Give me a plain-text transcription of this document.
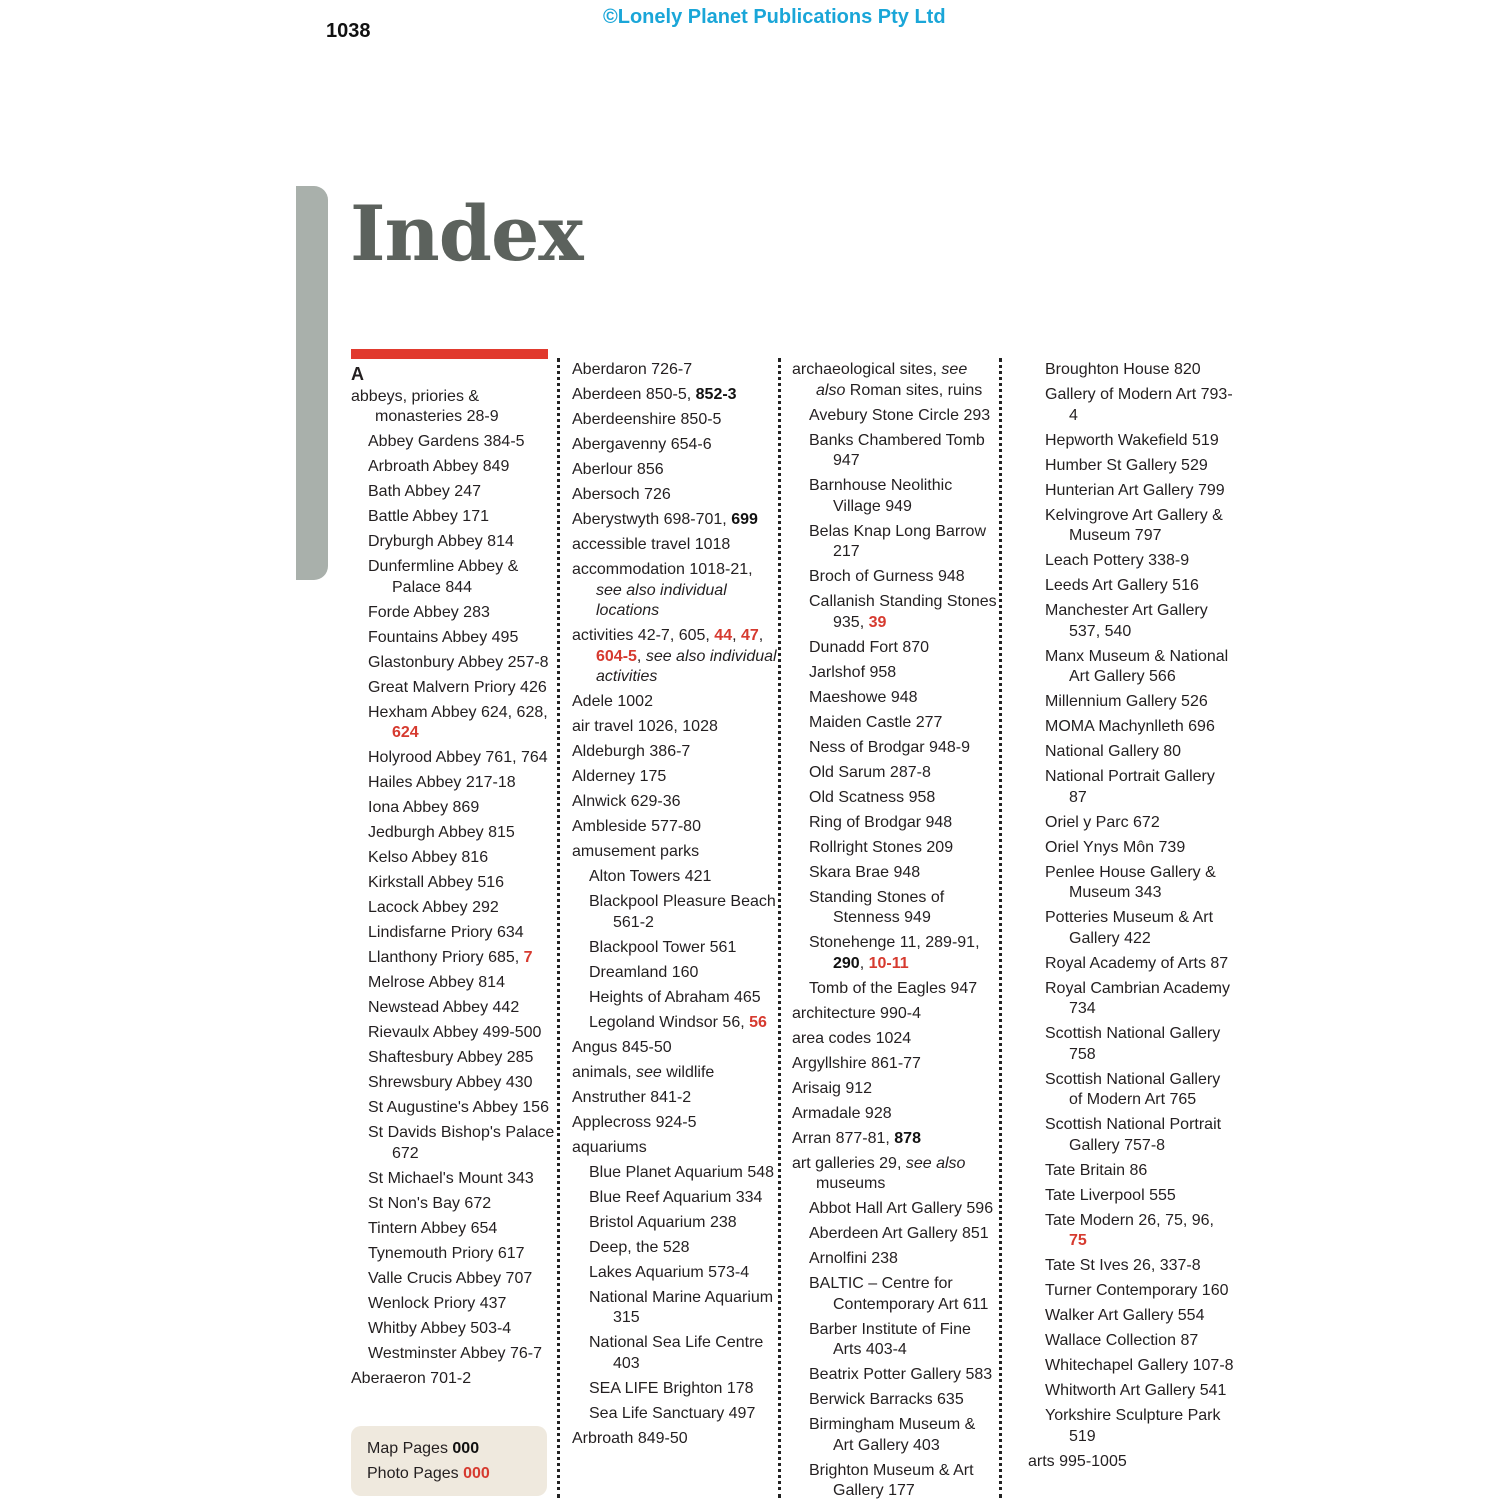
1038
©Lonely Planet Publications Pty Ltd
Index

A

abbeys, priories & monasteries 28-9

Abbey Gardens 384-5

Arbroath Abbey 849

Bath Abbey 247

Battle Abbey 171

Dryburgh Abbey 814

Dunfermline Abbey & Palace 844

Forde Abbey 283

Fountains Abbey 495

Glastonbury Abbey 257-8

Great Malvern Priory 426

Hexham Abbey 624, 628, 624

Holyrood Abbey 761, 764

Hailes Abbey 217-18

Iona Abbey 869

Jedburgh Abbey 815

Kelso Abbey 816

Kirkstall Abbey 516

Lacock Abbey 292

Lindisfarne Priory 634

Llanthony Priory 685, 7

Melrose Abbey 814

Newstead Abbey 442

Rievaulx Abbey 499-500

Shaftesbury Abbey 285

Shrewsbury Abbey 430

St Augustine's Abbey 156

St Davids Bishop's Palace 672

St Michael's Mount 343

St Non's Bay 672

Tintern Abbey 654

Tynemouth Priory 617

Valle Crucis Abbey 707

Wenlock Priory 437

Whitby Abbey 503-4

Westminster Abbey 76-7

Aberaeron 701-2

Aberdaron 726-7

Aberdeen 850-5, 852-3

Aberdeenshire 850-5

Abergavenny 654-6

Aberlour 856

Abersoch 726

Aberystwyth 698-701, 699

accessible travel 1018

accommodation 1018-21, see also individual locations

activities 42-7, 605, 44, 47, 604-5, see also individual activities

Adele 1002

air travel 1026, 1028

Aldeburgh 386-7

Alderney 175

Alnwick 629-36

Ambleside 577-80

amusement parks

Alton Towers 421

Blackpool Pleasure Beach 561-2

Blackpool Tower 561

Dreamland 160

Heights of Abraham 465

Legoland Windsor 56, 56

Angus 845-50

animals, see wildlife

Anstruther 841-2

Applecross 924-5

aquariums

Blue Planet Aquarium 548

Blue Reef Aquarium 334

Bristol Aquarium 238

Deep, the 528

Lakes Aquarium 573-4

National Marine Aquarium 315

National Sea Life Centre 403

SEA LIFE Brighton 178

Sea Life Sanctuary 497

Arbroath 849-50

archaeological sites, see also Roman sites, ruins

Avebury Stone Circle 293

Banks Chambered Tomb 947

Barnhouse Neolithic Village 949

Belas Knap Long Barrow 217

Broch of Gurness 948

Callanish Standing Stones 935, 39

Dunadd Fort 870

Jarlshof 958

Maeshowe 948

Maiden Castle 277

Ness of Brodgar 948-9

Old Sarum 287-8

Old Scatness 958

Ring of Brodgar 948

Rollright Stones 209

Skara Brae 948

Standing Stones of Stenness 949

Stonehenge 11, 289-91, 290, 10-11

Tomb of the Eagles 947

architecture 990-4

area codes 1024

Argyllshire 861-77

Arisaig 912

Armadale 928

Arran 877-81, 878

art galleries 29, see also museums

Abbot Hall Art Gallery 596

Aberdeen Art Gallery 851

Arnolfini 238

BALTIC – Centre for Contemporary Art 611

Barber Institute of Fine Arts 403-4

Beatrix Potter Gallery 583

Berwick Barracks 635

Birmingham Museum & Art Gallery 403

Brighton Museum & Art Gallery 177

Broughton House 820

Gallery of Modern Art 793-4

Hepworth Wakefield 519

Humber St Gallery 529

Hunterian Art Gallery 799

Kelvingrove Art Gallery & Museum 797

Leach Pottery 338-9

Leeds Art Gallery 516

Manchester Art Gallery 537, 540

Manx Museum & National Art Gallery 566

Millennium Gallery 526

MOMA Machynlleth 696

National Gallery 80

National Portrait Gallery 87

Oriel y Parc 672

Oriel Ynys Môn 739

Penlee House Gallery & Museum 343

Potteries Museum & Art Gallery 422

Royal Academy of Arts 87

Royal Cambrian Academy 734

Scottish National Gallery 758

Scottish National Gallery of Modern Art 765

Scottish National Portrait Gallery 757-8

Tate Britain 86

Tate Liverpool 555

Tate Modern 26, 75, 96, 75

Tate St Ives 26, 337-8

Turner Contemporary 160

Walker Art Gallery 554

Wallace Collection 87

Whitechapel Gallery 107-8

Whitworth Art Gallery 541

Yorkshire Sculpture Park 519

arts 995-1005

Map Pages 000
Photo Pages 000
